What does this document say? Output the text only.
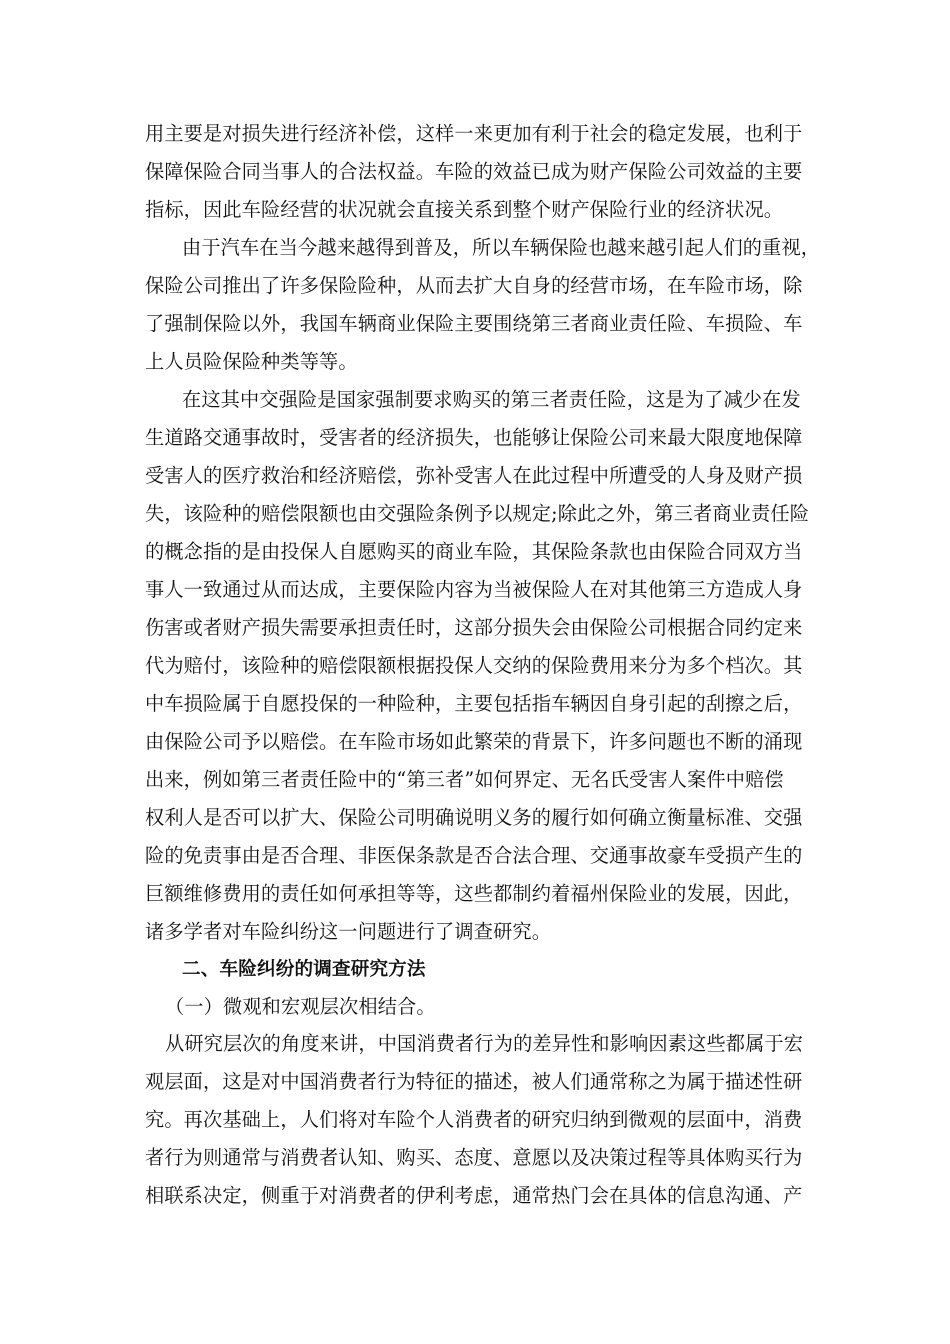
用主要是对损失进行经济补偿，这样一来更加有利于社会的稳定发展，也利于
保障保险合同当事人的合法权益。车险的效益已成为财产保险公司效益的主要
指标，因此车险经营的状况就会直接关系到整个财产保险行业的经济状况。
由于汽车在当今越来越得到普及，所以车辆保险也越来越引起人们的重视，
保险公司推出了许多保险险种，从而去扩大自身的经营市场，在车险市场，除
了强制保险以外，我国车辆商业保险主要围绕第三者商业责任险、车损险、车
上人员险保险种类等等。
在这其中交强险是国家强制要求购买的第三者责任险，这是为了减少在发
生道路交通事故时，受害者的经济损失，也能够让保险公司来最大限度地保障
受害人的医疗救治和经济赔偿，弥补受害人在此过程中所遭受的人身及财产损
失，该险种的赔偿限额也由交强险条例予以规定;除此之外，第三者商业责任险
的概念指的是由投保人自愿购买的商业车险，其保险条款也由保险合同双方当
事人一致通过从而达成，主要保险内容为当被保险人在对其他第三方造成人身
伤害或者财产损失需要承担责任时，这部分损失会由保险公司根据合同约定来
代为赔付，该险种的赔偿限额根据投保人交纳的保险费用来分为多个档次。其
中车损险属于自愿投保的一种险种，主要包括指车辆因自身引起的刮擦之后，
由保险公司予以赔偿。在车险市场如此繁荣的背景下，许多问题也不断的涌现
出来，例如第三者责任险中的“第三者”如何界定、无名氏受害人案件中赔偿
权利人是否可以扩大、保险公司明确说明义务的履行如何确立衡量标准、交强
险的免责事由是否合理、非医保条款是否合法合理、交通事故豪车受损产生的
巨额维修费用的责任如何承担等等，这些都制约着福州保险业的发展，因此，
诸多学者对车险纠纷这一问题进行了调查研究。
二、车险纠纷的调查研究方法
（一）微观和宏观层次相结合。
从研究层次的角度来讲，中国消费者行为的差异性和影响因素这些都属于宏
观层面，这是对中国消费者行为特征的描述，被人们通常称之为属于描述性研
究。再次基础上，人们将对车险个人消费者的研究归纳到微观的层面中，消费
者行为则通常与消费者认知、购买、态度、意愿以及决策过程等具体购买行为
相联系决定，侧重于对消费者的伊利考虑，通常热门会在具体的信息沟通、产
